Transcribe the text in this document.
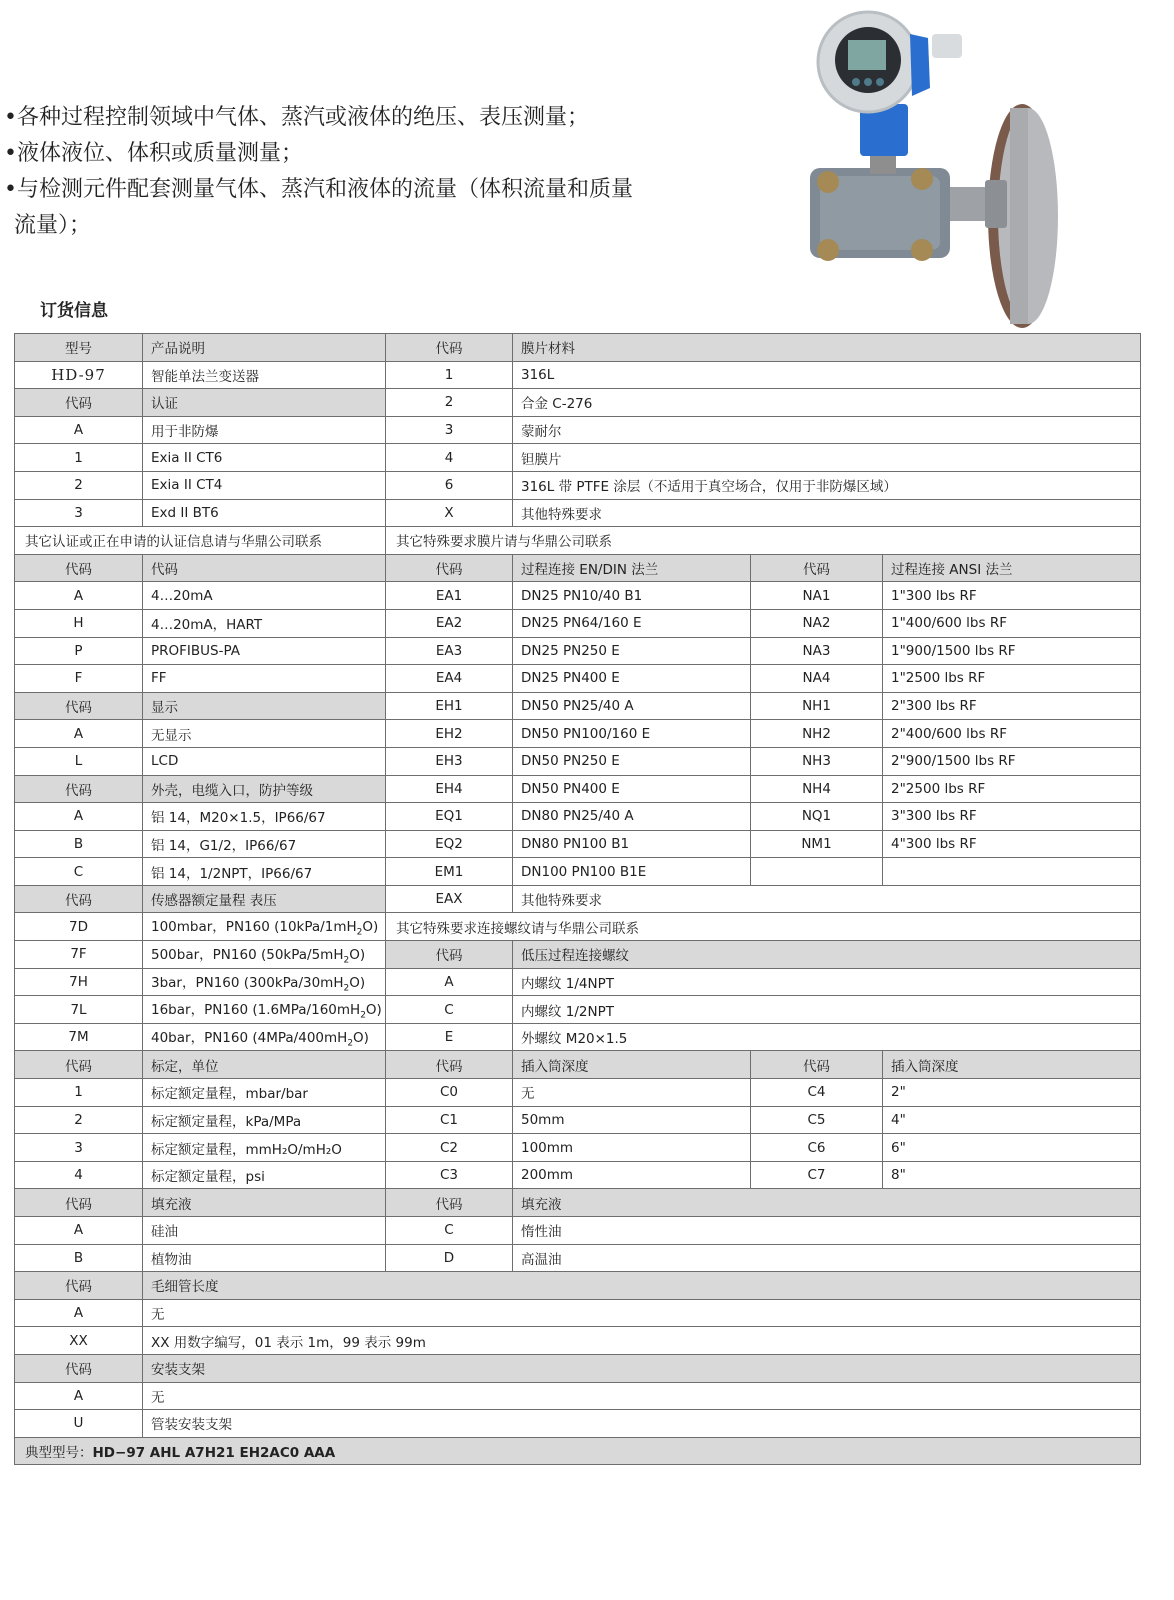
•各种过程控制领域中气体、蒸汽或液体的绝压、表压测量；
•液体液位、体积或质量测量；
•与检测元件配套测量气体、蒸汽和液体的流量（体积流量和质量
流量）；
订货信息
型号	产品说明	代码	膜片材料		
HD-97	智能单法兰变送器	1	316L		
代码	认证	2	合金 C-276		
A	用于非防爆	3	蒙耐尔		
1	Exia II CT6	4	钽膜片		
2	Exia II CT4	6	316L 带 PTFE 涂层（不适用于真空场合，仅用于非防爆区域）		
3	Exd II BT6	X	其他特殊要求		
其它认证或正在申请的认证信息请与华鼎公司联系		其它特殊要求膜片请与华鼎公司联系			
代码	代码	代码	过程连接 EN/DIN 法兰	代码	过程连接 ANSI 法兰
A	4…20mA	EA1	DN25 PN10/40 B1	NA1	1"300 lbs RF
H	4…20mA，HART	EA2	DN25 PN64/160 E	NA2	1"400/600 lbs RF
P	PROFIBUS-PA	EA3	DN25 PN250 E	NA3	1"900/1500 lbs RF
F	FF	EA4	DN25 PN400 E	NA4	1"2500 lbs RF
代码	显示	EH1	DN50 PN25/40 A	NH1	2"300 lbs RF
A	无显示	EH2	DN50 PN100/160 E	NH2	2"400/600 lbs RF
L	LCD	EH3	DN50 PN250 E	NH3	2"900/1500 lbs RF
代码	外壳，电缆入口，防护等级	EH4	DN50 PN400 E	NH4	2"2500 lbs RF
A	铝 14，M20×1.5，IP66/67	EQ1	DN80 PN25/40 A	NQ1	3"300 lbs RF
B	铝 14，G1/2，IP66/67	EQ2	DN80 PN100 B1	NM1	4"300 lbs RF
C	铝 14，1/2NPT，IP66/67	EM1	DN100 PN100 B1E		
代码	传感器额定量程 表压	EAX	其他特殊要求		
7D	100mbar，PN160 $(10kPa/1mH_2O)$	其它特殊要求连接螺纹请与华鼎公司联系			
7F	500bar，PN160 $(50kPa/5mH_2O)$	代码	低压过程连接螺纹		
7H	3bar，PN160 $(300kPa/30mH_2O)$	A	内螺纹 1/4NPT		
7L	16bar，PN160 $(1.6MPa/160mH_2O)$	C	内螺纹 1/2NPT		
7M	40bar，PN160 $(4MPa/400mH_2O)$	E	外螺纹 M20×1.5		
代码	标定，单位	代码	插入筒深度	代码	插入筒深度
1	标定额定量程，mbar/bar	C0	无	C4	2"
2	标定额定量程，kPa/MPa	C1	50mm	C5	4"
3	标定额定量程，mmH₂O/mH₂O	C2	100mm	C6	6"
4	标定额定量程，psi	C3	200mm	C7	8"
代码	填充液	代码	填充液		
A	硅油	C	惰性油		
B	植物油	D	高温油		
代码	毛细管长度				
A	无				
XX	XX 用数字编写，01 表示 1m，99 表示 99m				
代码	安装支架				
A	无				
U	管装安装支架				
典型型号：HD−97 AHL A7H21 EH2AC0 AAA					
